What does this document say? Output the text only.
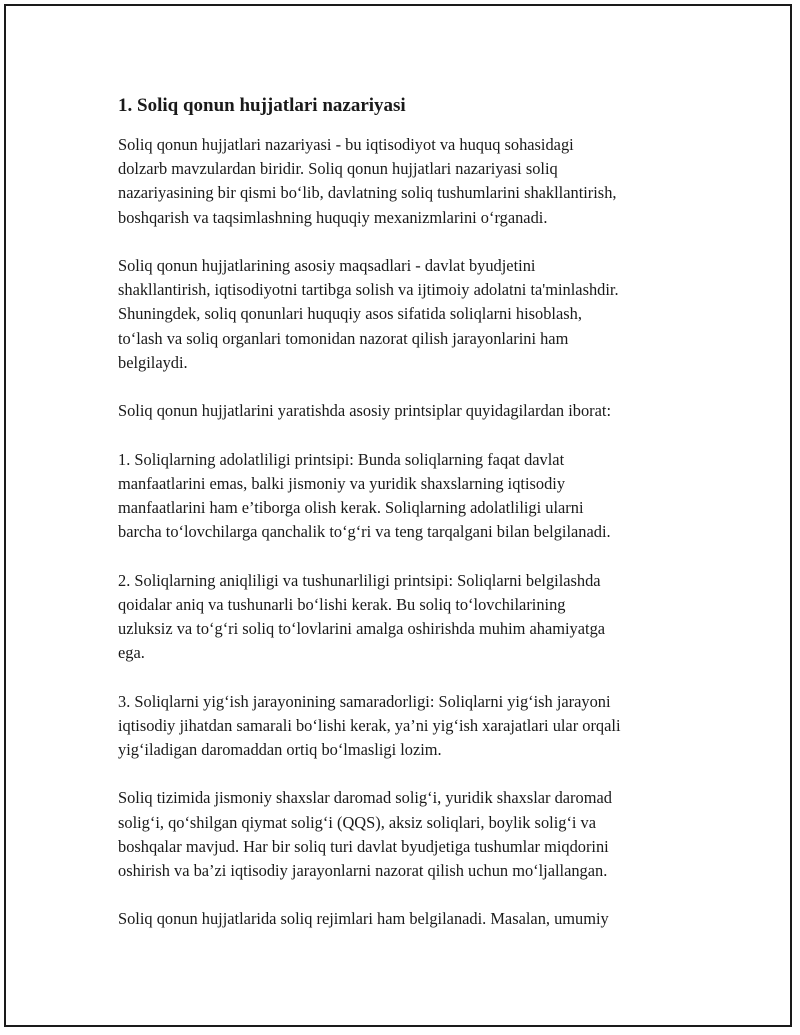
1. Soliq qonun hujjatlari nazariyasi

Soliq qonun hujjatlari nazariyasi - bu iqtisodiyot va huquq sohasidagi
dolzarb mavzulardan biridir. Soliq qonun hujjatlari nazariyasi soliq
nazariyasining bir qismi bo‘lib, davlatning soliq tushumlarini shakllantirish,
boshqarish va taqsimlashning huquqiy mexanizmlarini o‘rganadi.

Soliq qonun hujjatlarining asosiy maqsadlari - davlat byudjetini
shakllantirish, iqtisodiyotni tartibga solish va ijtimoiy adolatni ta'minlashdir.
Shuningdek, soliq qonunlari huquqiy asos sifatida soliqlarni hisoblash,
to‘lash va soliq organlari tomonidan nazorat qilish jarayonlarini ham
belgilaydi.

Soliq qonun hujjatlarini yaratishda asosiy printsiplar quyidagilardan iborat:

1. Soliqlarning adolatliligi printsipi: Bunda soliqlarning faqat davlat
manfaatlarini emas, balki jismoniy va yuridik shaxslarning iqtisodiy
manfaatlarini ham e’tiborga olish kerak. Soliqlarning adolatliligi ularni
barcha to‘lovchilarga qanchalik to‘g‘ri va teng tarqalgani bilan belgilanadi.

2. Soliqlarning aniqliligi va tushunarliligi printsipi: Soliqlarni belgilashda
qoidalar aniq va tushunarli bo‘lishi kerak. Bu soliq to‘lovchilarining
uzluksiz va to‘g‘ri soliq to‘lovlarini amalga oshirishda muhim ahamiyatga
ega.

3. Soliqlarni yig‘ish jarayonining samaradorligi: Soliqlarni yig‘ish jarayoni
iqtisodiy jihatdan samarali bo‘lishi kerak, ya’ni yig‘ish xarajatlari ular orqali
yig‘iladigan daromaddan ortiq bo‘lmasligi lozim.

Soliq tizimida jismoniy shaxslar daromad solig‘i, yuridik shaxslar daromad
solig‘i, qo‘shilgan qiymat solig‘i (QQS), aksiz soliqlari, boylik solig‘i va
boshqalar mavjud. Har bir soliq turi davlat byudjetiga tushumlar miqdorini
oshirish va ba’zi iqtisodiy jarayonlarni nazorat qilish uchun mo‘ljallangan.

Soliq qonun hujjatlarida soliq rejimlari ham belgilanadi. Masalan, umumiy
